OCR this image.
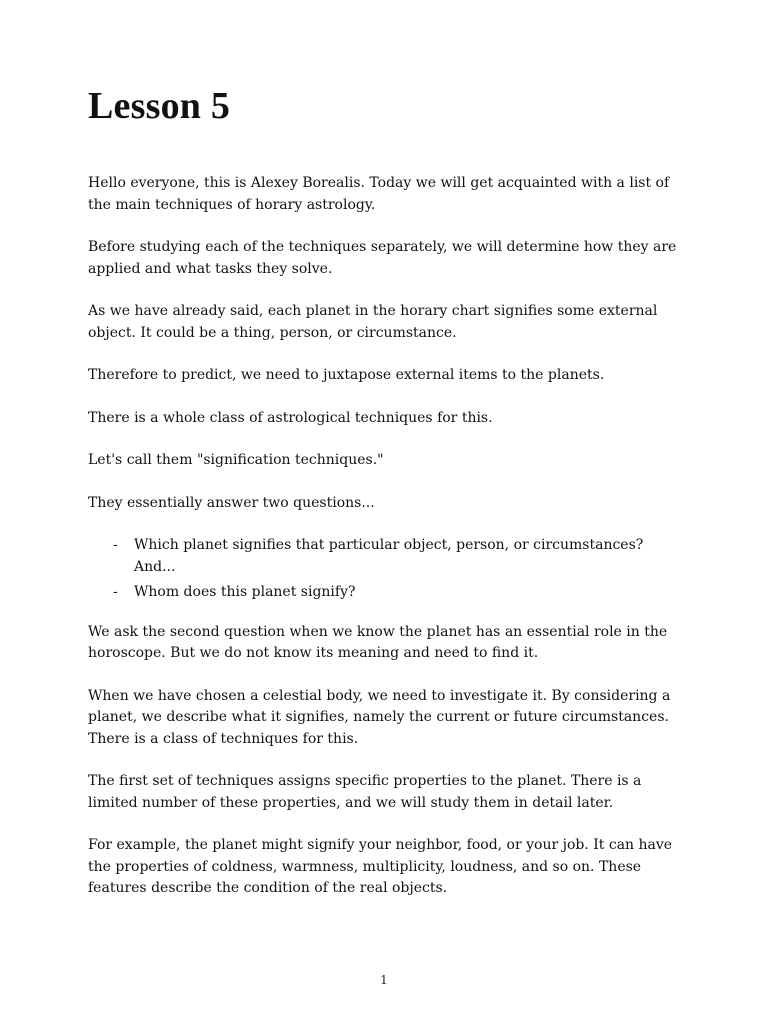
Lesson 5

Hello everyone, this is Alexey Borealis. Today we will get acquainted with a list of the main techniques of horary astrology.

Before studying each of the techniques separately, we will determine how they are applied and what tasks they solve.

As we have already said, each planet in the horary chart signifies some external object. It could be a thing, person, or circumstance.

Therefore to predict, we need to juxtapose external items to the planets.

There is a whole class of astrological techniques for this.

Let's call them "signification techniques."

They essentially answer two questions...

- Which planet signifies that particular object, person, or circumstances? And...
- Whom does this planet signify?

We ask the second question when we know the planet has an essential role in the horoscope. But we do not know its meaning and need to find it.

When we have chosen a celestial body, we need to investigate it. By considering a planet, we describe what it signifies, namely the current or future circumstances. There is a class of techniques for this.

The first set of techniques assigns specific properties to the planet. There is a limited number of these properties, and we will study them in detail later.

For example, the planet might signify your neighbor, food, or your job. It can have the properties of coldness, warmness, multiplicity, loudness, and so on. These features describe the condition of the real objects.

1
